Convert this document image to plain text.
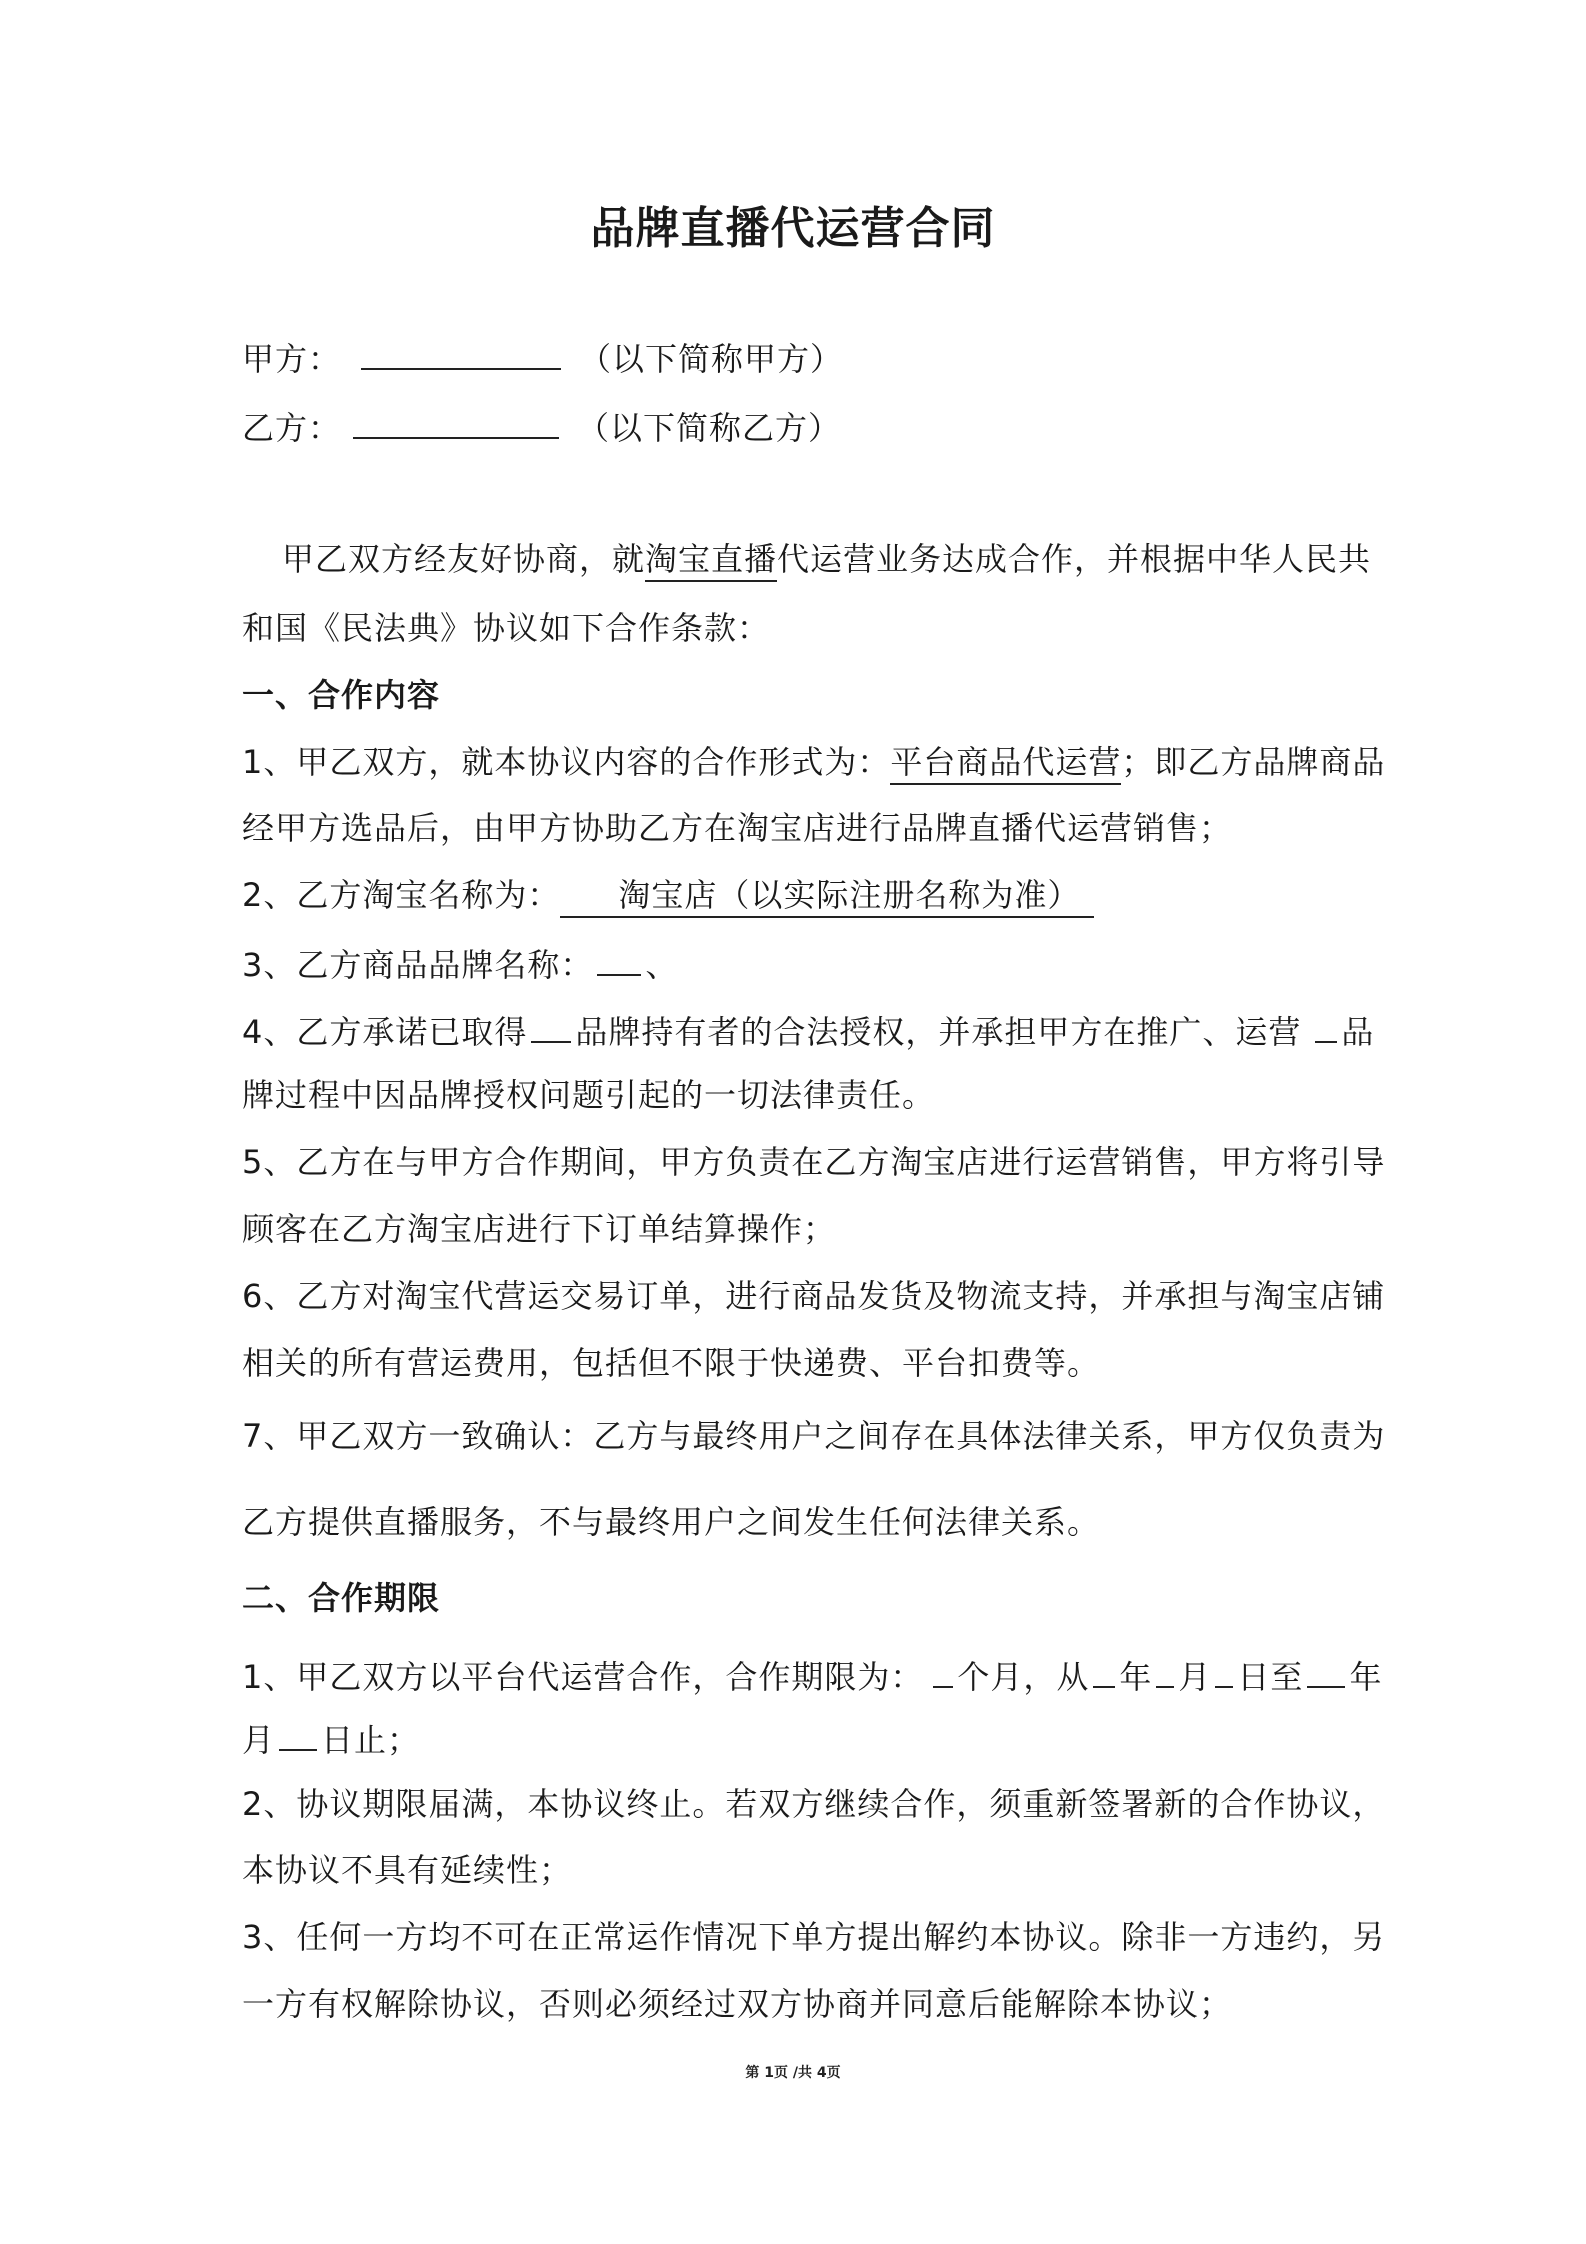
品牌直播代运营合同
甲方：	（以下简称甲方）
乙方：	（以下简称乙方）
甲乙双方经友好协商，就淘宝直播代运营业务达成合作，并根据中华人民共
和国《民法典》协议如下合作条款：
一、合作内容
1、甲乙双方，就本协议内容的合作形式为：平台商品代运营；即乙方品牌商品
经甲方选品后，由甲方协助乙方在淘宝店进行品牌直播代运营销售；
2、乙方淘宝名称为： 淘宝店（以实际注册名称为准）
3、乙方商品品牌名称： 、
4、乙方承诺已取得 品牌持有者的合法授权，并承担甲方在推广、运营 品
牌过程中因品牌授权问题引起的一切法律责任。
5、乙方在与甲方合作期间，甲方负责在乙方淘宝店进行运营销售，甲方将引导
顾客在乙方淘宝店进行下订单结算操作；
6、乙方对淘宝代营运交易订单，进行商品发货及物流支持，并承担与淘宝店铺
相关的所有营运费用，包括但不限于快递费、平台扣费等。
7、甲乙双方一致确认：乙方与最终用户之间存在具体法律关系，甲方仅负责为
乙方提供直播服务，不与最终用户之间发生任何法律关系。
二、合作期限
1、甲乙双方以平台代运营合作，合作期限为： 个月，从 年 月 日至 年
月 日止；
2、协议期限届满，本协议终止。若双方继续合作，须重新签署新的合作协议，
本协议不具有延续性；
3、任何一方均不可在正常运作情况下单方提出解约本协议。除非一方违约，另
一方有权解除协议，否则必须经过双方协商并同意后能解除本协议；
第 1页 /共 4页
